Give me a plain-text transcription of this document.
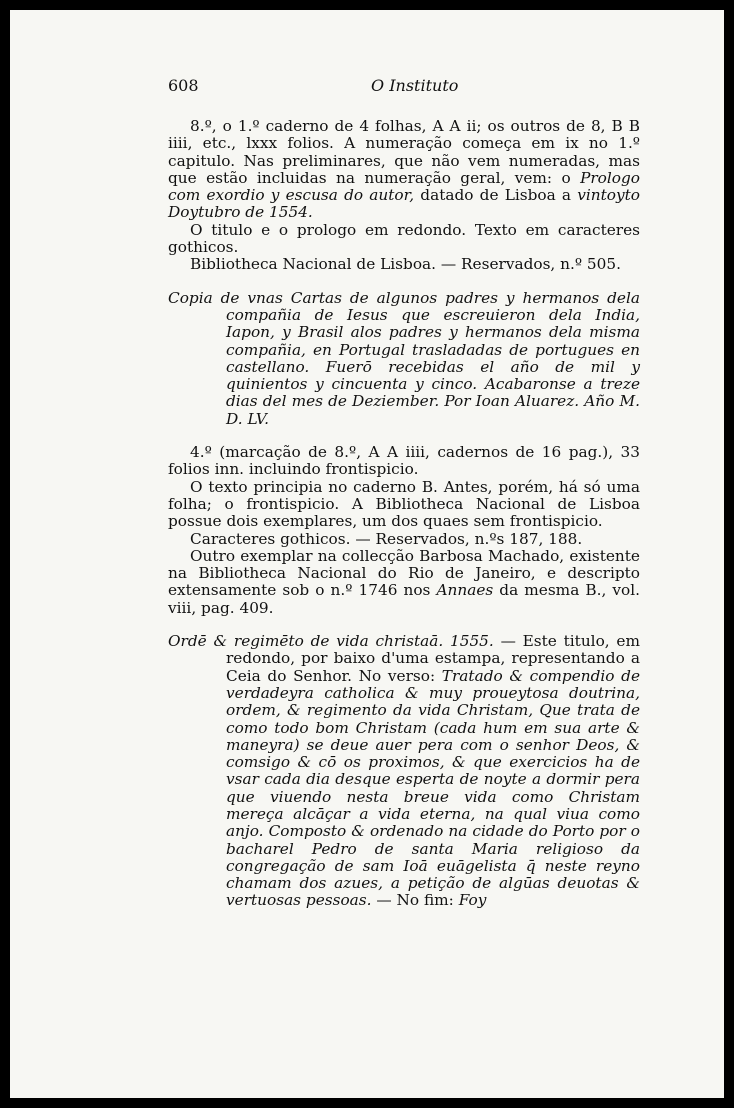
608	O Instituto

8.º, o 1.º caderno de 4 folhas, A A ii; os outros de 8, B B iiii, etc., lxxx folios. A numeração começa em ix no 1.º capitulo. Nas preliminares, que não vem numeradas, mas que estão incluidas na numeração geral, vem: o Prologo com exordio y escusa do autor, datado de Lisboa a vintoyto Doytubro de 1554.

O titulo e o prologo em redondo. Texto em caracteres gothicos.

Bibliotheca Nacional de Lisboa. — Reservados, n.º 505.

Copia de vnas Cartas de algunos padres y hermanos dela compañia de Iesus que escreuieron dela India, Iapon, y Brasil alos padres y hermanos dela misma compañia, en Portugal trasladadas de portugues en castellano. Fuerō recebidas el año de mil y quinientos y cincuenta y cinco. Acabaronse a treze dias del mes de Deziember. Por Ioan Aluarez. Año M. D. LV.

4.º (marcação de 8.º, A A iiii, cadernos de 16 pag.), 33 folios inn. incluindo frontispicio.

O texto principia no caderno B. Antes, porém, há só uma folha; o frontispicio. A Bibliotheca Nacional de Lisboa possue dois exemplares, um dos quaes sem frontispicio.

Caracteres gothicos. — Reservados, n.ºs 187, 188.

Outro exemplar na collecção Barbosa Machado, existente na Bibliotheca Nacional do Rio de Janeiro, e descripto extensamente sob o n.º 1746 nos Annaes da mesma B., vol. viii, pag. 409.

Ordē & regimēto de vida christaā. 1555. — Este titulo, em redondo, por baixo d'uma estampa, representando a Ceia do Senhor. No verso: Tratado & compendio de verdadeyra catholica & muy proueytosa doutrina, ordem, & regimento da vida Christam, Que trata de como todo bom Christam (cada hum em sua arte & maneyra) se deue auer pera com o senhor Deos, & comsigo & cō os proximos, & que exercicios ha de vsar cada dia desque esperta de noyte a dormir pera que viuendo nesta breue vida como Christam mereça alcāçar a vida eterna, na qual viua como anjo. Composto & ordenado na cidade do Porto por o bacharel Pedro de santa Maria religioso da congregação de sam Ioā euāgelista q̄ neste reyno chamam dos azues, a petição de algūas deuotas & vertuosas pessoas. — No fim: Foy
